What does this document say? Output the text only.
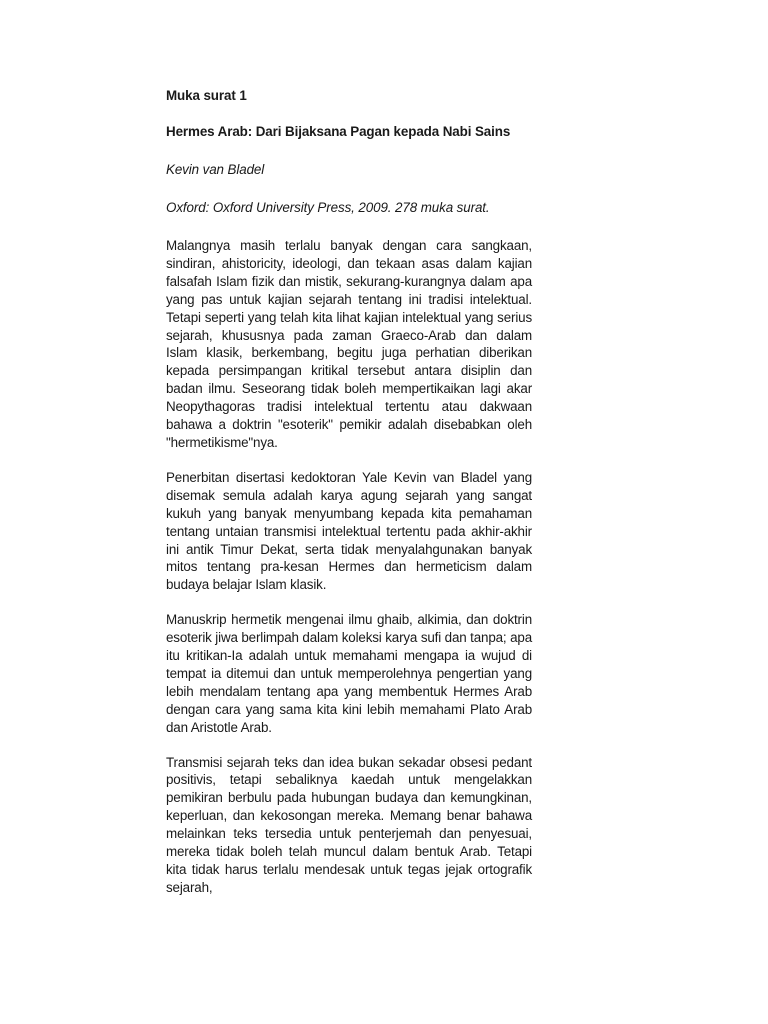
Muka surat 1

Hermes Arab: Dari Bijaksana Pagan kepada Nabi Sains

Kevin van Bladel

Oxford: Oxford University Press, 2009. 278 muka surat.

Malangnya masih terlalu banyak dengan cara sangkaan, sindiran, ahistoricity, ideologi, dan tekaan asas dalam kajian falsafah Islam fizik dan mistik, sekurang-kurangnya dalam apa yang pas untuk kajian sejarah tentang ini tradisi intelektual. Tetapi seperti yang telah kita lihat kajian intelektual yang serius sejarah, khususnya pada zaman Graeco-Arab dan dalam Islam klasik, berkembang, begitu juga perhatian diberikan kepada persimpangan kritikal tersebut antara disiplin dan badan ilmu. Seseorang tidak boleh mempertikaikan lagi akar Neopythagoras tradisi intelektual tertentu atau dakwaan bahawa a doktrin "esoterik" pemikir adalah disebabkan oleh "hermetikisme"nya.

Penerbitan disertasi kedoktoran Yale Kevin van Bladel yang disemak semula adalah karya agung sejarah yang sangat kukuh yang banyak menyumbang kepada kita pemahaman tentang untaian transmisi intelektual tertentu pada akhir-akhir ini antik Timur Dekat, serta tidak menyalahgunakan banyak mitos tentang pra-kesan Hermes dan hermeticism dalam budaya belajar Islam klasik.

Manuskrip hermetik mengenai ilmu ghaib, alkimia, dan doktrin esoterik jiwa berlimpah dalam koleksi karya sufi dan tanpa; apa itu kritikan-Ia adalah untuk memahami mengapa ia wujud di tempat ia ditemui dan untuk memperolehnya pengertian yang lebih mendalam tentang apa yang membentuk Hermes Arab dengan cara yang sama kita kini lebih memahami Plato Arab dan Aristotle Arab.

Transmisi sejarah teks dan idea bukan sekadar obsesi pedant positivis, tetapi sebaliknya kaedah untuk mengelakkan pemikiran berbulu pada hubungan budaya dan kemungkinan, keperluan, dan kekosongan mereka. Memang benar bahawa melainkan teks tersedia untuk penterjemah dan penyesuai, mereka tidak boleh telah muncul dalam bentuk Arab. Tetapi kita tidak harus terlalu mendesak untuk tegas jejak ortografik sejarah,
